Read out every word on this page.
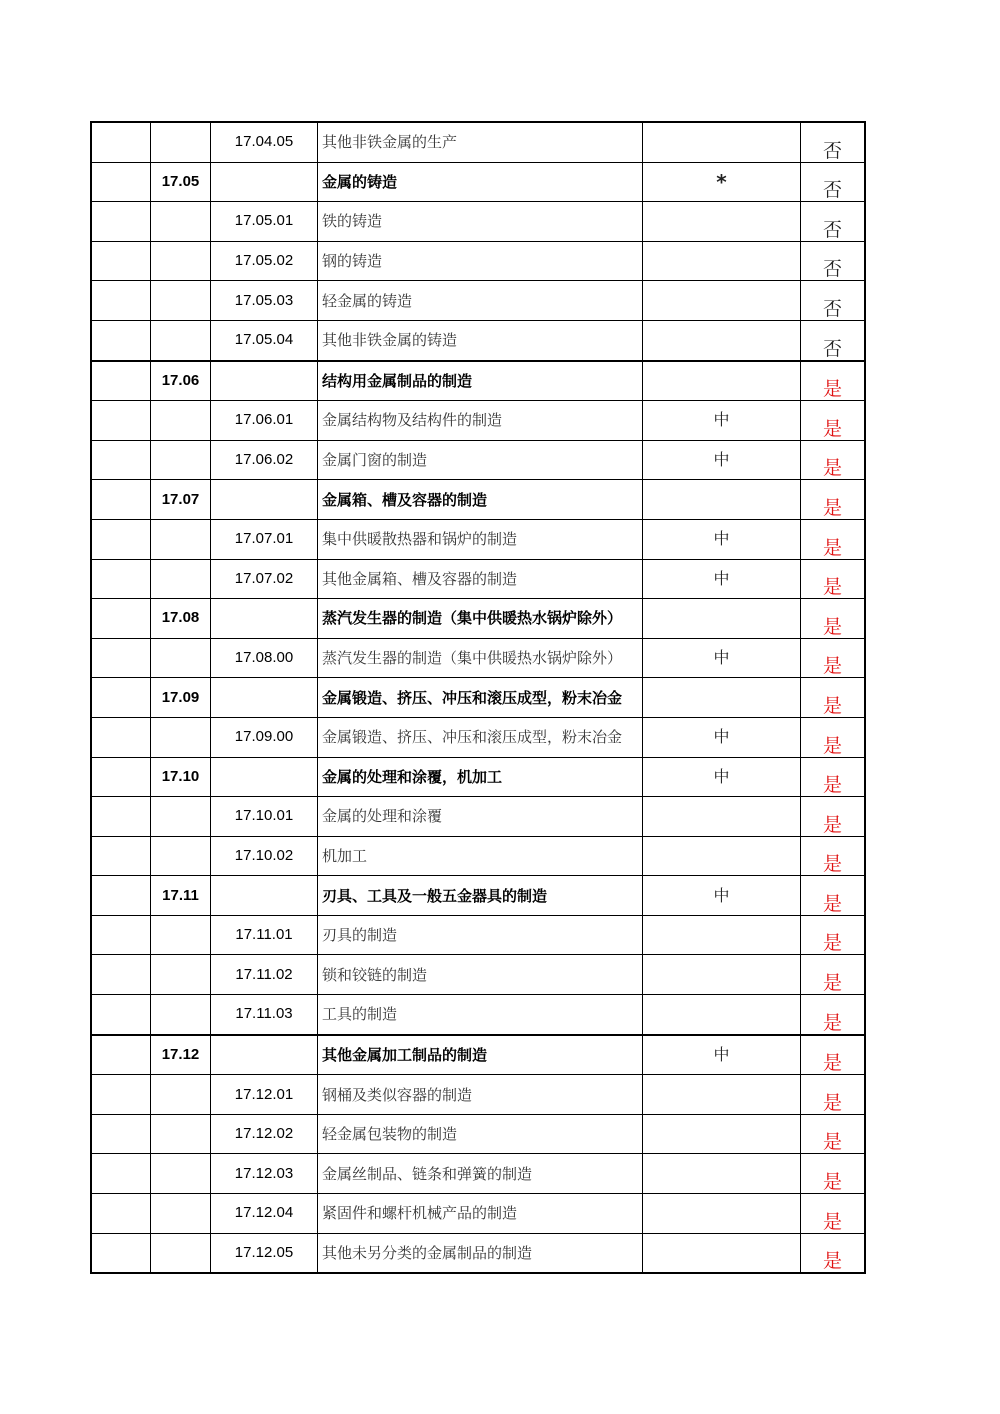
		17.04.05	其他非铁金属的生产		否
	17.05		金属的铸造	*	否
		17.05.01	铁的铸造		否
		17.05.02	钢的铸造		否
		17.05.03	轻金属的铸造		否
		17.05.04	其他非铁金属的铸造		否
	17.06		结构用金属制品的制造		是
		17.06.01	金属结构物及结构件的制造	中	是
		17.06.02	金属门窗的制造	中	是
	17.07		金属箱、槽及容器的制造		是
		17.07.01	集中供暖散热器和锅炉的制造	中	是
		17.07.02	其他金属箱、槽及容器的制造	中	是
	17.08		蒸汽发生器的制造（集中供暖热水锅炉除外）		是
		17.08.00	蒸汽发生器的制造（集中供暖热水锅炉除外）	中	是
	17.09		金属锻造、挤压、冲压和滚压成型，粉末冶金		是
		17.09.00	金属锻造、挤压、冲压和滚压成型，粉末冶金	中	是
	17.10		金属的处理和涂覆，机加工	中	是
		17.10.01	金属的处理和涂覆		是
		17.10.02	机加工		是
	17.11		刃具、工具及一般五金器具的制造	中	是
		17.11.01	刃具的制造		是
		17.11.02	锁和铰链的制造		是
		17.11.03	工具的制造		是
	17.12		其他金属加工制品的制造	中	是
		17.12.01	钢桶及类似容器的制造		是
		17.12.02	轻金属包装物的制造		是
		17.12.03	金属丝制品、链条和弹簧的制造		是
		17.12.04	紧固件和螺杆机械产品的制造		是
		17.12.05	其他未另分类的金属制品的制造		是
